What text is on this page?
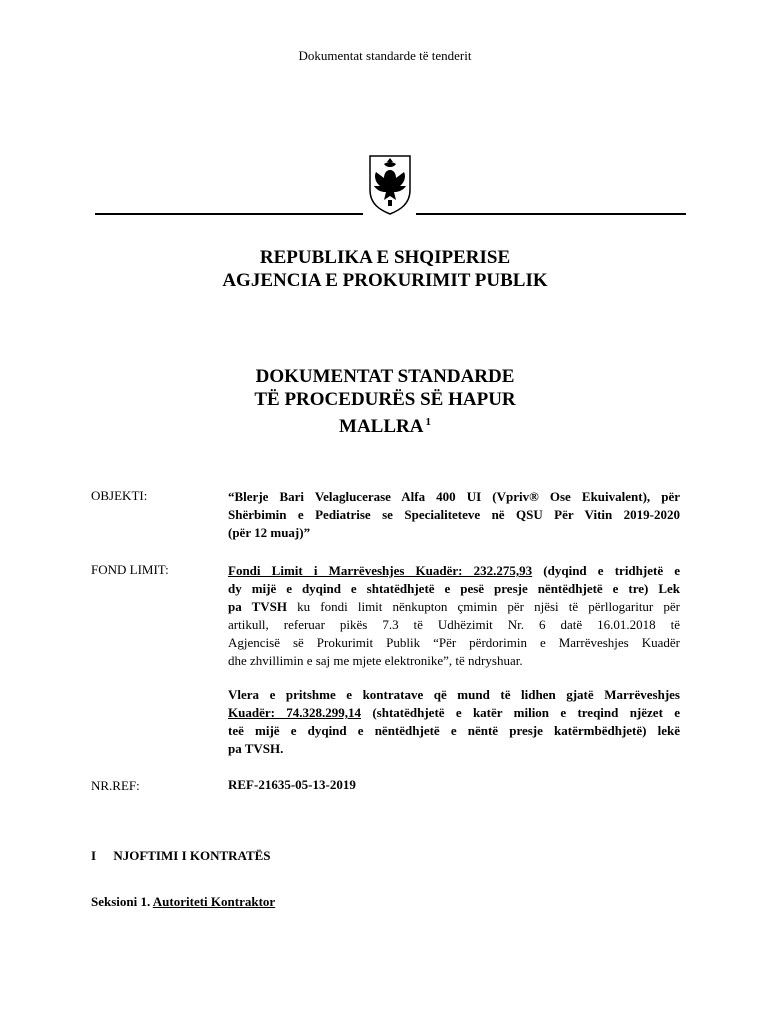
Dokumentat standarde të tenderit
REPUBLIKA E SHQIPERISE
AGJENCIA E PROKURIMIT PUBLIK
DOKUMENTAT STANDARDE
TË PROCEDURËS SË HAPUR
MALLRA $^1$
OBJEKTI:	“Blerje Bari Velaglucerase Alfa 400 UI (Vpriv® Ose Ekuivalent), për
Shërbimin e Pediatrise se Specialiteteve në QSU Për Vitin 2019-2020
(për 12 muaj)”
FOND LIMIT:	Fondi Limit i Marrëveshjes Kuadër: 232.275,93 (dyqind e tridhjetë e
dy mijë e dyqind e shtatëdhjetë e pesë presje nëntëdhjetë e tre) Lek
pa TVSH ku fondi limit nënkupton çmimin për njësi të përllogaritur për
artikull, referuar pikës 7.3 të Udhëzimit Nr. 6 datë 16.01.2018 të
Agjencisë së Prokurimit Publik “Për përdorimin e Marrëveshjes Kuadër
dhe zhvillimin e saj me mjete elektronike”, të ndryshuar.
Vlera e pritshme e kontratave që mund të lidhen gjatë Marrëveshjes
Kuadër: 74.328.299,14 (shtatëdhjetë e katër milion e treqind njëzet e
teë mijë e dyqind e nëntëdhjetë e nëntë presje katërmbëdhjetë) lekë
pa TVSH.
NR.REF:	REF-21635-05-13-2019
I NJOFTIMI I KONTRATËS
Seksioni 1. Autoriteti Kontraktor
